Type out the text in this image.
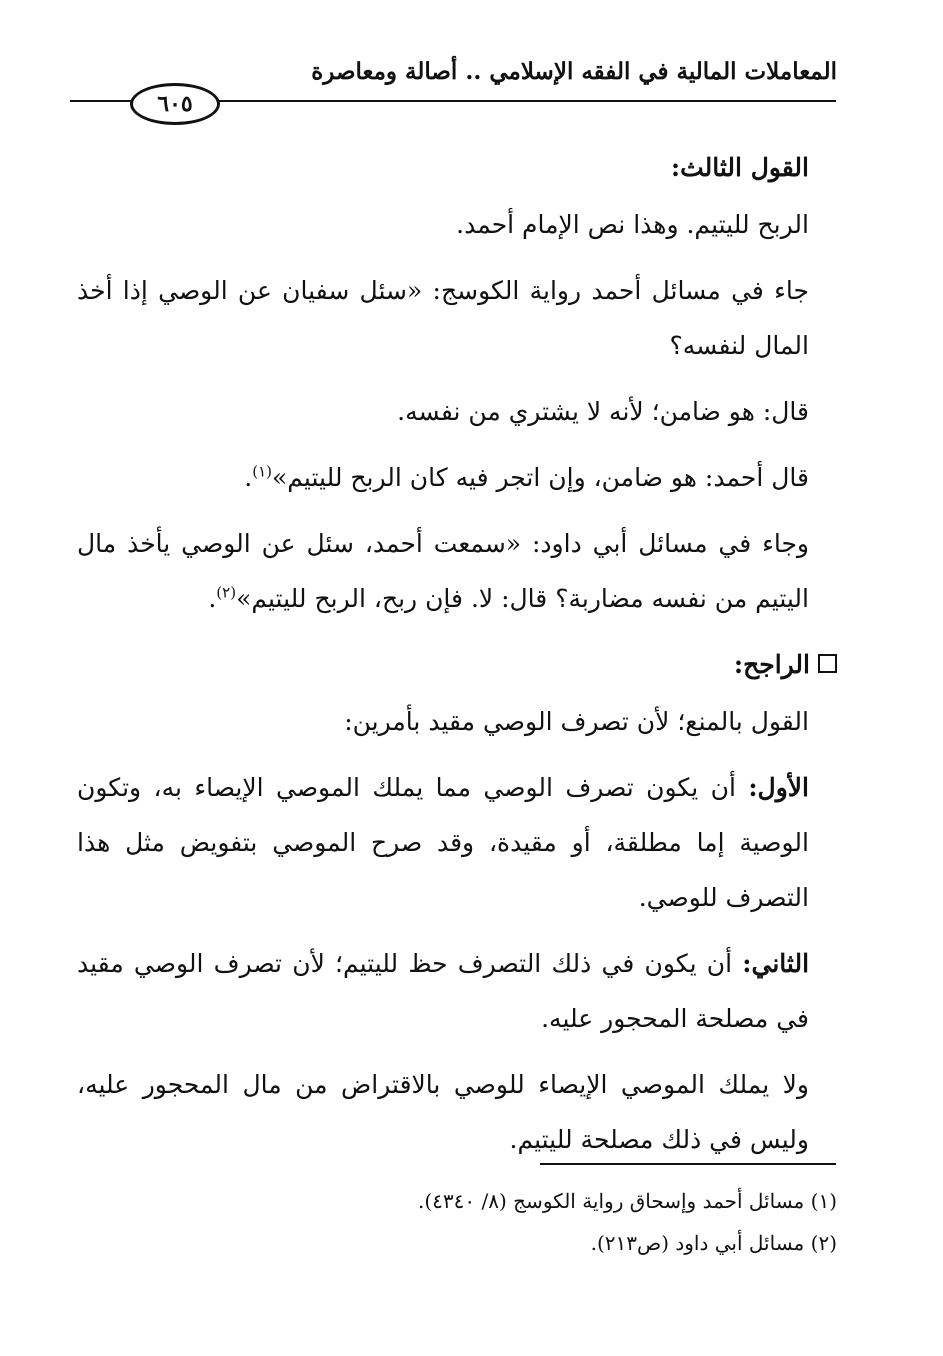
المعاملات المالية في الفقه الإسلامي .. أصالة ومعاصرة
٦٠٥

القول الثالث:

الربح لليتيم. وهذا نص الإمام أحمد.

جاء في مسائل أحمد رواية الكوسج: «سئل سفيان عن الوصي إذا أخذ المال لنفسه؟

قال: هو ضامن؛ لأنه لا يشتري من نفسه.

قال أحمد: هو ضامن، وإن اتجر فيه كان الربح لليتيم»$^{(١)}$.

وجاء في مسائل أبي داود: «سمعت أحمد، سئل عن الوصي يأخذ مال اليتيم من نفسه مضاربة؟ قال: لا. فإن ربح، الربح لليتيم»$^{(٢)}$.

الراجح:

القول بالمنع؛ لأن تصرف الوصي مقيد بأمرين:

الأول: أن يكون تصرف الوصي مما يملك الموصي الإيصاء به، وتكون الوصية إما مطلقة، أو مقيدة، وقد صرح الموصي بتفويض مثل هذا التصرف للوصي.

الثاني: أن يكون في ذلك التصرف حظ لليتيم؛ لأن تصرف الوصي مقيد في مصلحة المحجور عليه.

ولا يملك الموصي الإيصاء للوصي بالاقتراض من مال المحجور عليه، وليس في ذلك مصلحة لليتيم.

(١) مسائل أحمد وإسحاق رواية الكوسج (٨/ ٤٣٤٠).
(٢) مسائل أبي داود (ص٢١٣).
